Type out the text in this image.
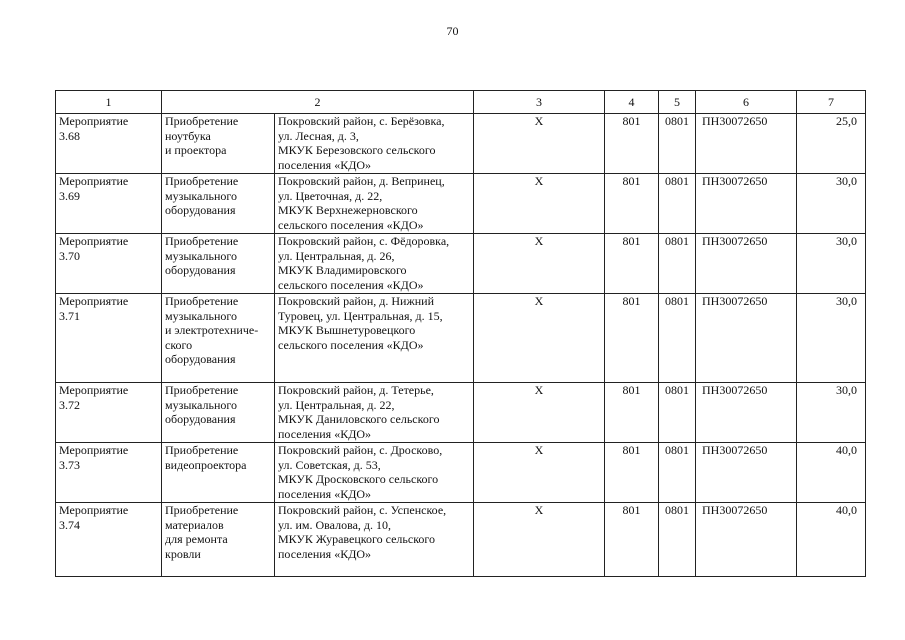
70
1	2		3	4	5	6	7
Мероприятие
3.68	Приобретение
ноутбука
и проектора	Покровский район, с. Берёзовка,
ул. Лесная, д. 3,
МКУК Березовского сельского
поселения «КДО»	Х	801	0801	ПН30072650	25,0
Мероприятие
3.69	Приобретение
музыкального
оборудования	Покровский район, д. Вепринец,
ул. Цветочная, д. 22,
МКУК Верхнежерновского
сельского поселения «КДО»	Х	801	0801	ПН30072650	30,0
Мероприятие
3.70	Приобретение
музыкального
оборудования	Покровский район, с. Фёдоровка,
ул. Центральная, д. 26,
МКУК Владимировского
сельского поселения «КДО»	Х	801	0801	ПН30072650	30,0
Мероприятие
3.71	Приобретение
музыкального
и электротехниче-
ского
оборудования	Покровский район, д. Нижний
Туровец, ул. Центральная, д. 15,
МКУК Вышнетуровецкого
сельского поселения «КДО»	Х	801	0801	ПН30072650	30,0
Мероприятие
3.72	Приобретение
музыкального
оборудования	Покровский район, д. Тетерье,
ул. Центральная, д. 22,
МКУК Даниловского сельского
поселения «КДО»	Х	801	0801	ПН30072650	30,0
Мероприятие
3.73	Приобретение
видеопроектора	Покровский район, с. Дросково,
ул. Советская, д. 53,
МКУК Дросковского сельского
поселения «КДО»	Х	801	0801	ПН30072650	40,0
Мероприятие
3.74	Приобретение
материалов
для ремонта
кровли	Покровский район, с. Успенское,
ул. им. Овалова, д. 10,
МКУК Журавецкого сельского
поселения «КДО»	Х	801	0801	ПН30072650	40,0
